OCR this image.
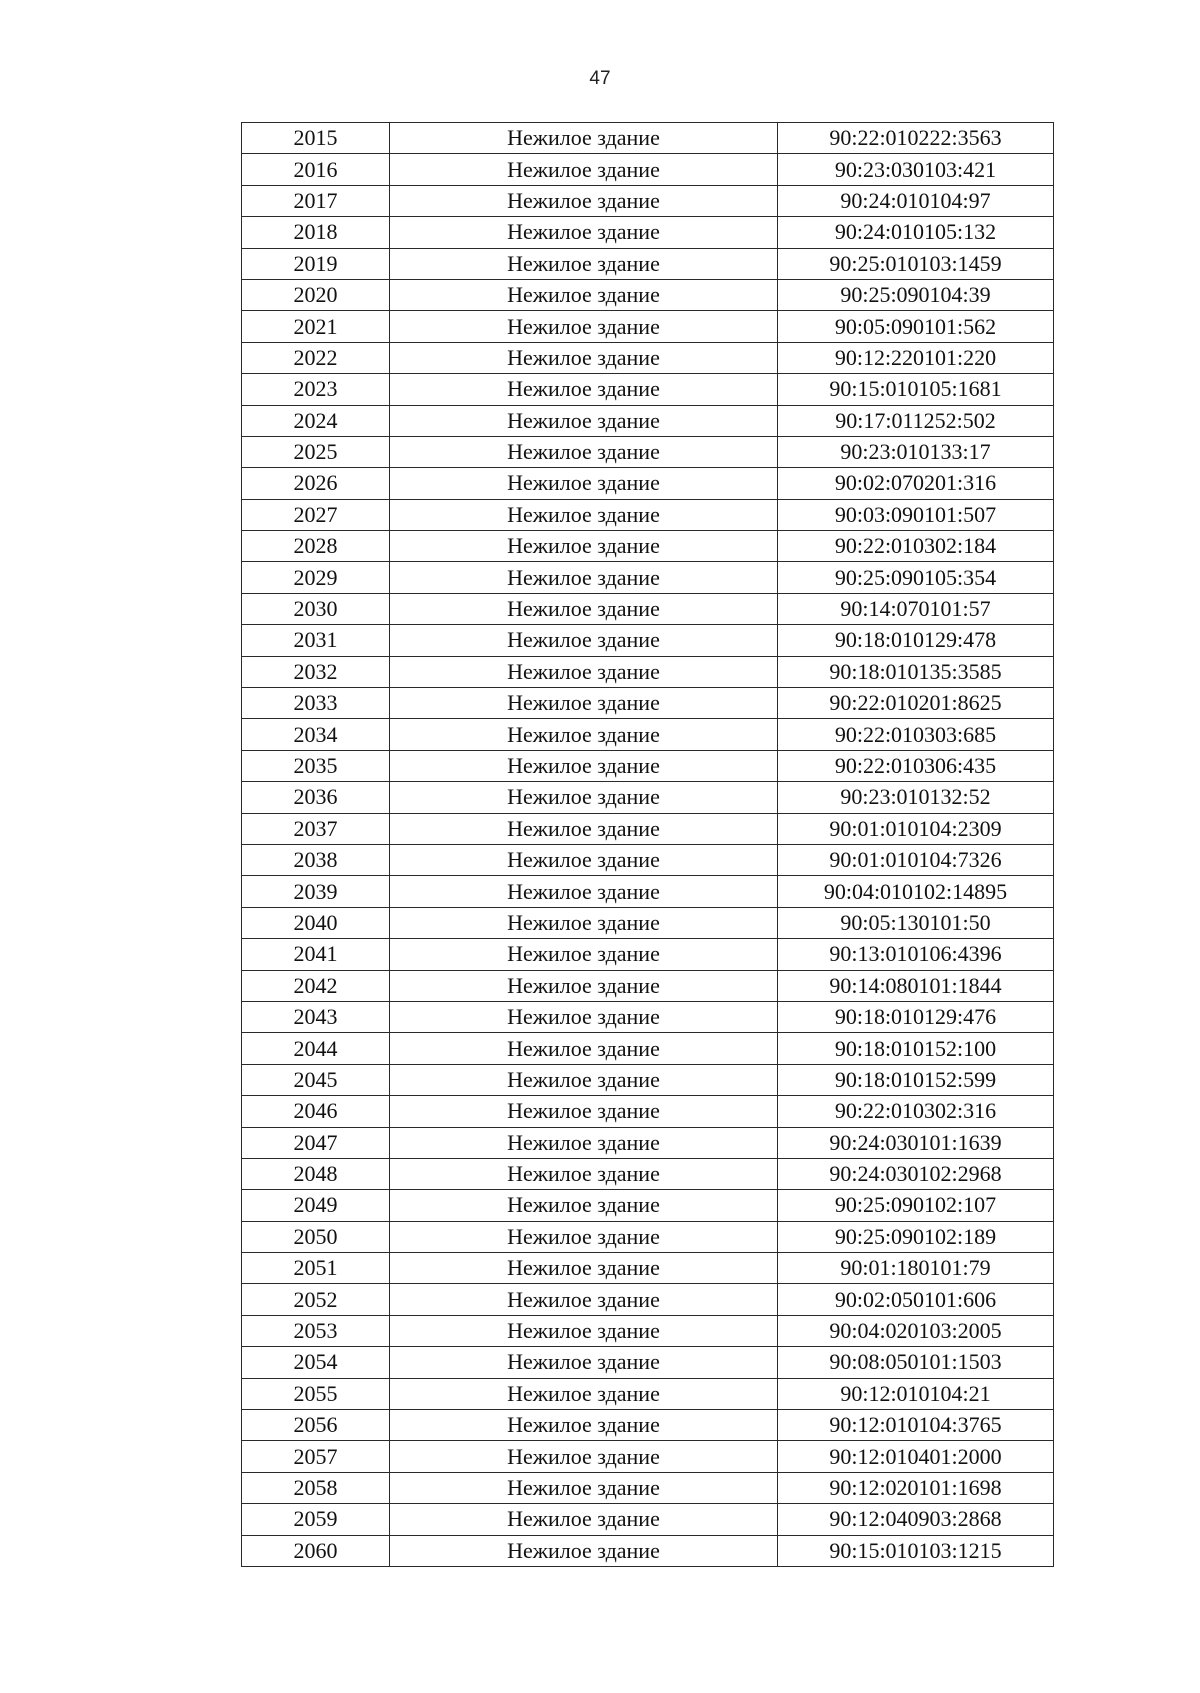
47
2015	Нежилое здание	90:22:010222:3563
2016	Нежилое здание	90:23:030103:421
2017	Нежилое здание	90:24:010104:97
2018	Нежилое здание	90:24:010105:132
2019	Нежилое здание	90:25:010103:1459
2020	Нежилое здание	90:25:090104:39
2021	Нежилое здание	90:05:090101:562
2022	Нежилое здание	90:12:220101:220
2023	Нежилое здание	90:15:010105:1681
2024	Нежилое здание	90:17:011252:502
2025	Нежилое здание	90:23:010133:17
2026	Нежилое здание	90:02:070201:316
2027	Нежилое здание	90:03:090101:507
2028	Нежилое здание	90:22:010302:184
2029	Нежилое здание	90:25:090105:354
2030	Нежилое здание	90:14:070101:57
2031	Нежилое здание	90:18:010129:478
2032	Нежилое здание	90:18:010135:3585
2033	Нежилое здание	90:22:010201:8625
2034	Нежилое здание	90:22:010303:685
2035	Нежилое здание	90:22:010306:435
2036	Нежилое здание	90:23:010132:52
2037	Нежилое здание	90:01:010104:2309
2038	Нежилое здание	90:01:010104:7326
2039	Нежилое здание	90:04:010102:14895
2040	Нежилое здание	90:05:130101:50
2041	Нежилое здание	90:13:010106:4396
2042	Нежилое здание	90:14:080101:1844
2043	Нежилое здание	90:18:010129:476
2044	Нежилое здание	90:18:010152:100
2045	Нежилое здание	90:18:010152:599
2046	Нежилое здание	90:22:010302:316
2047	Нежилое здание	90:24:030101:1639
2048	Нежилое здание	90:24:030102:2968
2049	Нежилое здание	90:25:090102:107
2050	Нежилое здание	90:25:090102:189
2051	Нежилое здание	90:01:180101:79
2052	Нежилое здание	90:02:050101:606
2053	Нежилое здание	90:04:020103:2005
2054	Нежилое здание	90:08:050101:1503
2055	Нежилое здание	90:12:010104:21
2056	Нежилое здание	90:12:010104:3765
2057	Нежилое здание	90:12:010401:2000
2058	Нежилое здание	90:12:020101:1698
2059	Нежилое здание	90:12:040903:2868
2060	Нежилое здание	90:15:010103:1215
